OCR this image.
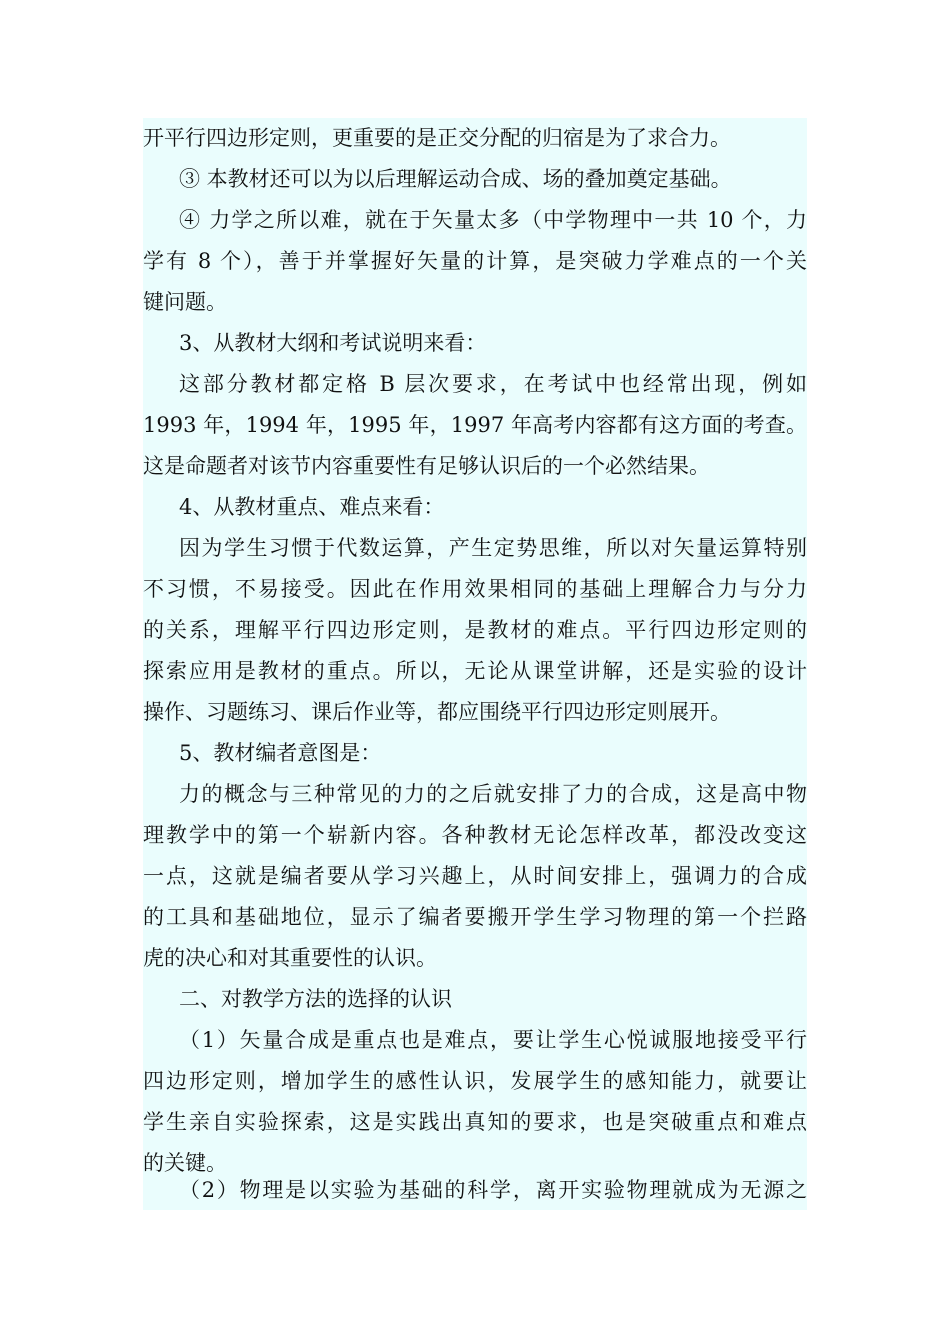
开平行四边形定则，更重要的是正交分配的归宿是为了求合力。
③ 本教材还可以为以后理解运动合成、场的叠加奠定基础。
④ 力学之所以难，就在于矢量太多（中学物理中一共 10 个，力
学有 8 个），善于并掌握好矢量的计算，是突破力学难点的一个关
键问题。
3、从教材大纲和考试说明来看：
这部分教材都定格 B 层次要求，在考试中也经常出现，例如
1993 年，1994 年，1995 年，1997 年高考内容都有这方面的考查。
这是命题者对该节内容重要性有足够认识后的一个必然结果。
4、从教材重点、难点来看：
因为学生习惯于代数运算，产生定势思维，所以对矢量运算特别
不习惯，不易接受。因此在作用效果相同的基础上理解合力与分力
的关系，理解平行四边形定则，是教材的难点。平行四边形定则的
探索应用是教材的重点。所以，无论从课堂讲解，还是实验的设计
操作、习题练习、课后作业等，都应围绕平行四边形定则展开。
5、教材编者意图是：
力的概念与三种常见的力的之后就安排了力的合成，这是高中物
理教学中的第一个崭新内容。各种教材无论怎样改革，都没改变这
一点，这就是编者要从学习兴趣上，从时间安排上，强调力的合成
的工具和基础地位，显示了编者要搬开学生学习物理的第一个拦路
虎的决心和对其重要性的认识。
二、对教学方法的选择的认识
（1）矢量合成是重点也是难点，要让学生心悦诚服地接受平行
四边形定则，增加学生的感性认识，发展学生的感知能力，就要让
学生亲自实验探索，这是实践出真知的要求，也是突破重点和难点
的关键。
（2）物理是以实验为基础的科学，离开实验物理就成为无源之
